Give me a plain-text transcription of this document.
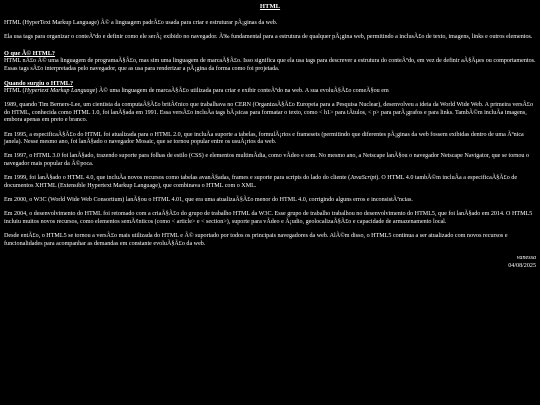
HTML

HTML (HyperText Markup Language) Ã© a linguagem padrÃ£o usada para criar e estruturar pÃ¡ginas da web.

Ela usa tags para organizar o conteÃºdo e definir como ele serÃ¡ exibido no navegador. Ã‰ fundamental para a estrutura de qualquer pÃ¡gina web, permitindo a inclusÃ£o de texto, imagens, links e outros elementos.

O que Ã© HTML?

HTML nÃ£o Ã© uma linguagem de programaÃ§Ã£o, mas sim uma linguagem de marcaÃ§Ã£o. Isso significa que ela usa tags para descrever a estrutura do conteÃºdo, em vez de definir aÃ§Ãµes ou comportamentos. Essas tags sÃ£o interpretadas pelo navegador, que as usa para renderizar a pÃ¡gina da forma como foi projetada.

Quando surgiu o HTML?

HTML (Hypertext Markup Language) Ã© uma linguagem de marcaÃ§Ã£o utilizada para criar e exibir conteÃºdo na web. A sua evoluÃ§Ã£o comeÃ§ou em

1989, quando Tim Berners-Lee, um cientista da computaÃ§Ã£o britÃ¢nico que trabalhava no CERN (OrganizaÃ§Ã£o Europeia para a Pesquisa Nuclear), desenvolveu a ideia da World Wide Web. A primeira versÃ£o do HTML, conhecida como HTML 1.0, foi lanÃ§ada em 1991. Essa versÃ£o incluÃa tags bÃ¡sicas para formatar o texto, como < h1> para tÃtulos, < p> para parÃ¡grafos e para links. TambÃ©m incluÃa imagens, embora apenas em preto e branco.

Em 1995, a especificaÃ§Ã£o do HTML foi atualizada para o HTML 2.0, que incluÃa suporte a tabelas, formulÃ¡rios e framesets (permitindo que diferentes pÃ¡ginas da web fossem exibidas dentro de uma Ãºnica janela). Nesse mesmo ano, foi lanÃ§ado o navegador Mosaic, que se tornou popular entre os usuÃ¡rios da web.

Em 1997, o HTML 3.0 foi lanÃ§ado, trazendo suporte para folhas de estilo (CSS) e elementos multimÃdia, como vÃdeo e som. No mesmo ano, a Netscape lanÃ§ou o navegador Netscape Navigator, que se tornou o navegador mais popular da Ã©poca.

Em 1999, foi lanÃ§ado o HTML 4.0, que incluÃa novos recursos como tabelas avanÃ§adas, frames e suporte para scripts do lado do cliente (JavaScript). O HTML 4.0 tambÃ©m incluÃa a especificaÃ§Ã£o de documentos XHTML (Extensible Hypertext Markup Language), que combinava o HTML com o XML.

Em 2000, o W3C (World Wide Web Consortium) lanÃ§ou o HTML 4.01, que era uma atualizaÃ§Ã£o menor do HTML 4.0, corrigindo alguns erros e inconsistÃªncias.

Em 2004, o desenvolvimento do HTML foi retomado com a criaÃ§Ã£o do grupo de trabalho HTML da W3C. Esse grupo de trabalho trabalhou no desenvolvimento do HTML5, que foi lanÃ§ado em 2014. O HTML5 incluiu muitos novos recursos, como elementos semÃ¢nticos (como < article> e < section>), suporte para vÃdeo e Ã¡udio, geolocalizaÃ§Ã£o e capacidade de armazenamento local.

Desde entÃ£o, o HTML5 se tornou a versÃ£o mais utilizada do HTML e Ã© suportado por todos os principais navegadores da web. AlÃ©m disso, o HTML5 continua a ser atualizado com novos recursos e funcionalidades para acompanhar as demandas em constante evoluÃ§Ã£o da web.

vanessa
04/08/2025
